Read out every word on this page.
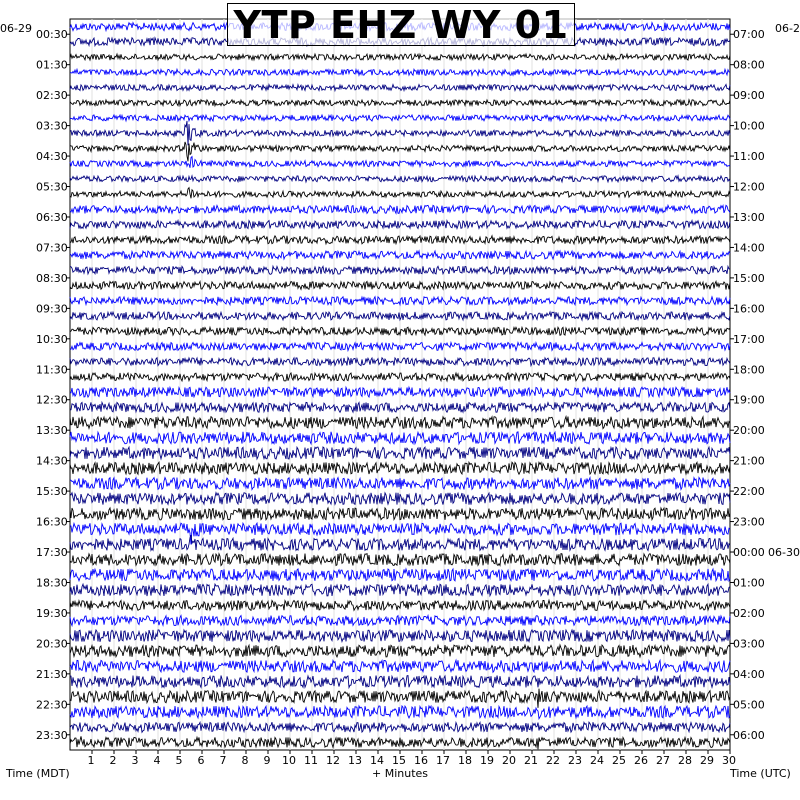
1 2 3 4 5 6 7 8 9 10 11 12 13 14 15 16 17 18 19 20 21 22 23 24 25 26 27 28 29 30
00:30
01:30
02:30
03:30
04:30
05:30
06:30
07:30
08:30
09:30
10:30
11:30
12:30
13:30
14:30
15:30
16:30
17:30
18:30
19:30
20:30
21:30
22:30
23:30
07:00
08:00
09:00
10:00
11:00
12:00
13:00
14:00
15:00
16:00
17:00
18:00
19:00
20:00
21:00
22:00
23:00
00:00 06-30
01:00
02:00
03:00
04:00
05:00
06:00
06-29	06-2
+ Minutes
Time (MDT)	Time (UTC)
YTP EHZ WY 01
